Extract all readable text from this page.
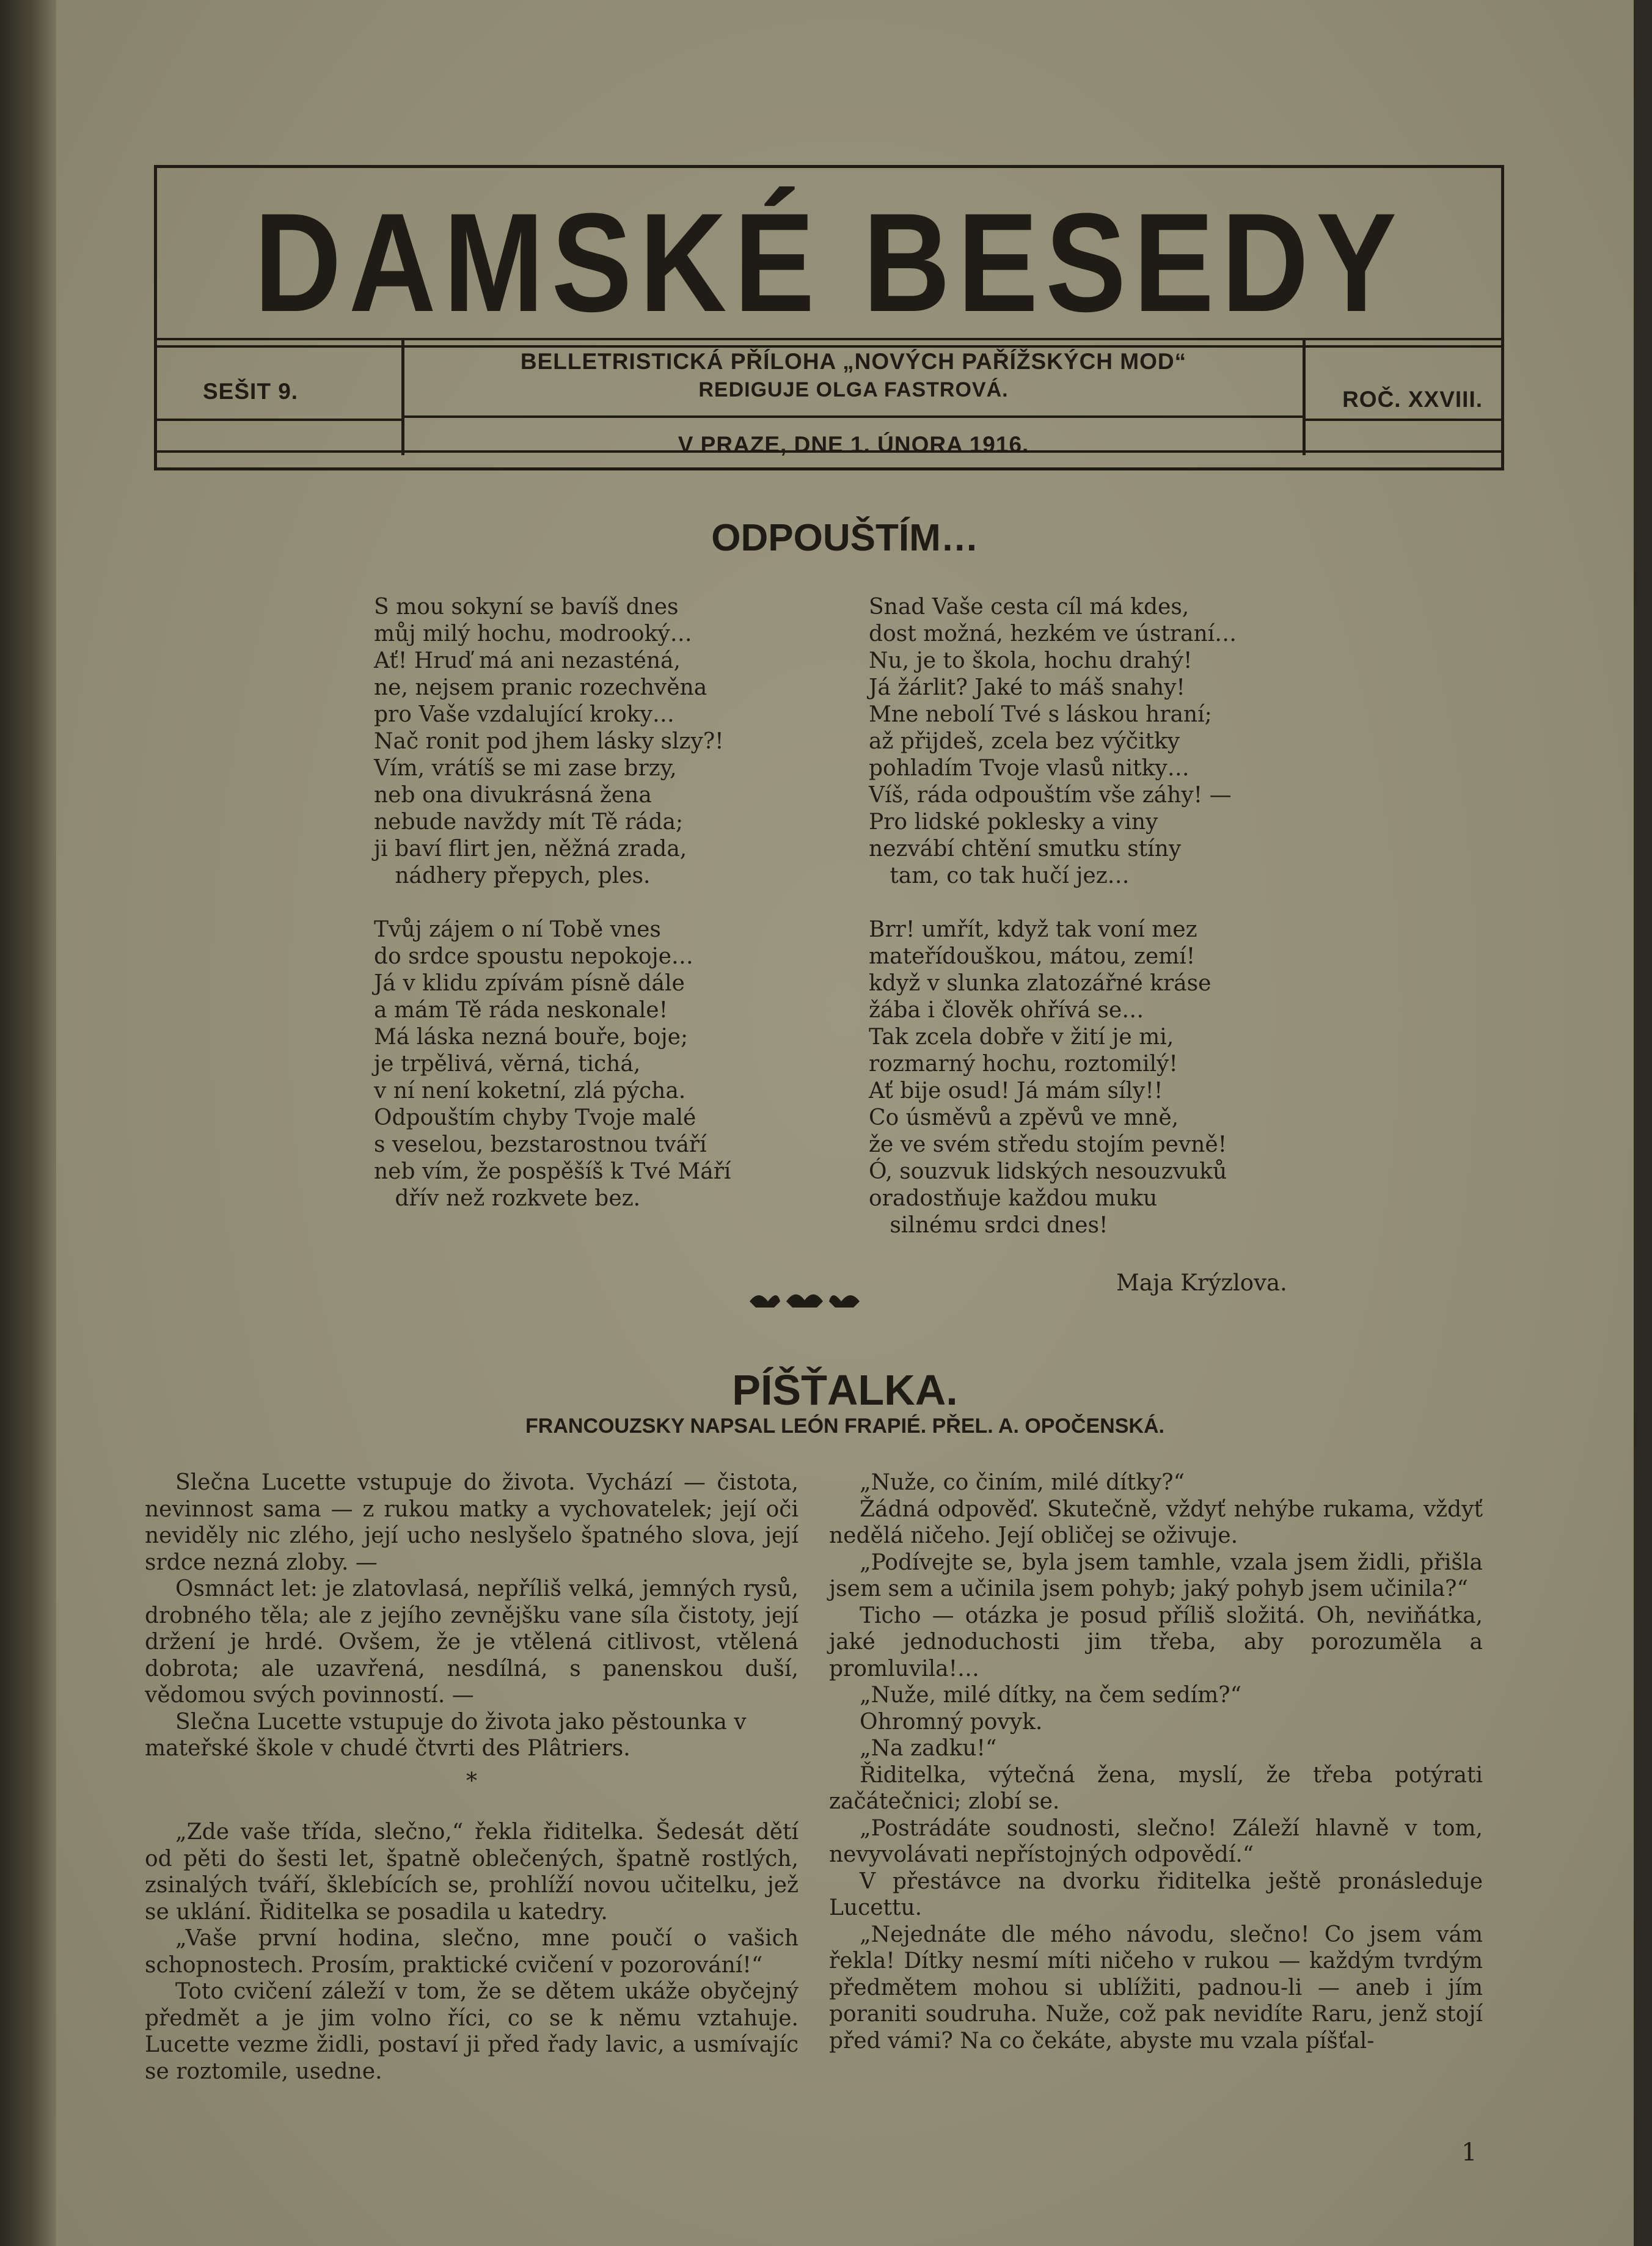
DAMSKÉ BESEDY
SEŠIT 9.	ROČ. XXVIII.
BELLETRISTICKÁ PŘÍLOHA „NOVÝCH PAŘÍŽSKÝCH MOD“
REDIGUJE OLGA FASTROVÁ.
V PRAZE, DNE 1. ÚNORA 1916.
ODPOUŠTÍM…
S mou sokyní se bavíš dnes
můj milý hochu, modrooký…
Ať! Hruď má ani nezasténá,
ne, nejsem pranic rozechvěna
pro Vaše vzdalující kroky…
Nač ronit pod jhem lásky slzy?!
Vím, vrátíš se mi zase brzy,
neb ona divukrásná žena
nebude navždy mít Tě ráda;
ji baví flirt jen, něžná zrada,
nádhery přepych, ples.
Tvůj zájem o ní Tobě vnes
do srdce spoustu nepokoje…
Já v klidu zpívám písně dále
a mám Tě ráda neskonale!
Má láska nezná bouře, boje;
je trpělivá, věrná, tichá,
v ní není koketní, zlá pýcha.
Odpouštím chyby Tvoje malé
s veselou, bezstarostnou tváří
neb vím, že pospěšíš k Tvé Máří
dřív než rozkvete bez.
Snad Vaše cesta cíl má kdes,
dost možná, hezkém ve ústraní…
Nu, je to škola, hochu drahý!
Já žárlit? Jaké to máš snahy!
Mne nebolí Tvé s láskou hraní;
až přijdeš, zcela bez výčitky
pohladím Tvoje vlasů nitky…
Víš, ráda odpouštím vše záhy! —
Pro lidské poklesky a viny
nezvábí chtění smutku stíny
tam, co tak hučí jez…
Brr! umřít, když tak voní mez
mateřídouškou, mátou, zemí!
když v slunka zlatozářné kráse
žába i člověk ohřívá se…
Tak zcela dobře v žití je mi,
rozmarný hochu, roztomilý!
Ať bije osud! Já mám síly!!
Co úsměvů a zpěvů ve mně,
že ve svém středu stojím pevně!
Ó, souzvuk lidských nesouzvuků
oradostňuje každou muku
silnému srdci dnes!
Maja Krýzlova.
PÍŠŤALKA.
FRANCOUZSKY NAPSAL LEÓN FRAPIÉ. PŘEL. A. OPOČENSKÁ.

Slečna Lucette vstupuje do života. Vychází — čistota, nevinnost sama — z rukou matky a vychovatelek; její oči neviděly nic zlého, její ucho neslyšelo špatného slova, její srdce nezná zloby. —

Osmnáct let: je zlatovlasá, nepříliš velká, jemných rysů, drobného těla; ale z jejího zevnějšku vane síla čistoty, její držení je hrdé. Ovšem, že je vtělená citlivost, vtělená dobrota; ale uzavřená, nesdílná, s panenskou duší, vědomou svých povinností. —

Slečna Lucette vstupuje do života jako pěstounka v mateřské škole v chudé čtvrti des Plâtriers.

*

„Zde vaše třída, slečno,“ řekla řiditelka. Šedesát dětí od pěti do šesti let, špatně oblečených, špatně rostlých, zsinalých tváří, šklebících se, prohlíží novou učitelku, jež se uklání. Řiditelka se posadila u katedry.

„Vaše první hodina, slečno, mne poučí o vašich schopnostech. Prosím, praktické cvičení v pozorování!“

Toto cvičení záleží v tom, že se dětem ukáže obyčejný předmět a je jim volno říci, co se k němu vztahuje. Lucette vezme židli, postaví ji před řady lavic, a usmívajíc se roztomile, usedne.

„Nuže, co činím, milé dítky?“

Žádná odpověď. Skutečně, vždyť nehýbe rukama, vždyť nedělá ničeho. Její obličej se oživuje.

„Podívejte se, byla jsem tamhle, vzala jsem židli, přišla jsem sem a učinila jsem pohyb; jaký pohyb jsem učinila?“

Ticho — otázka je posud příliš složitá. Oh, neviňátka, jaké jednoduchosti jim třeba, aby porozuměla a promluvila!…

„Nuže, milé dítky, na čem sedím?“

Ohromný povyk.

„Na zadku!“

Řiditelka, výtečná žena, myslí, že třeba potýrati začátečnici; zlobí se.

„Postrádáte soudnosti, slečno! Záleží hlavně v tom, nevyvolávati nepřístojných odpovědí.“

V přestávce na dvorku řiditelka ještě pronásleduje Lucettu.

„Nejednáte dle mého návodu, slečno! Co jsem vám řekla! Dítky nesmí míti ničeho v rukou — každým tvrdým předmětem mohou si ublížiti, padnou-li — aneb i jím poraniti soudruha. Nuže, což pak nevidíte Raru, jenž stojí před vámi? Na co čekáte, abyste mu vzala píšťal-

1
